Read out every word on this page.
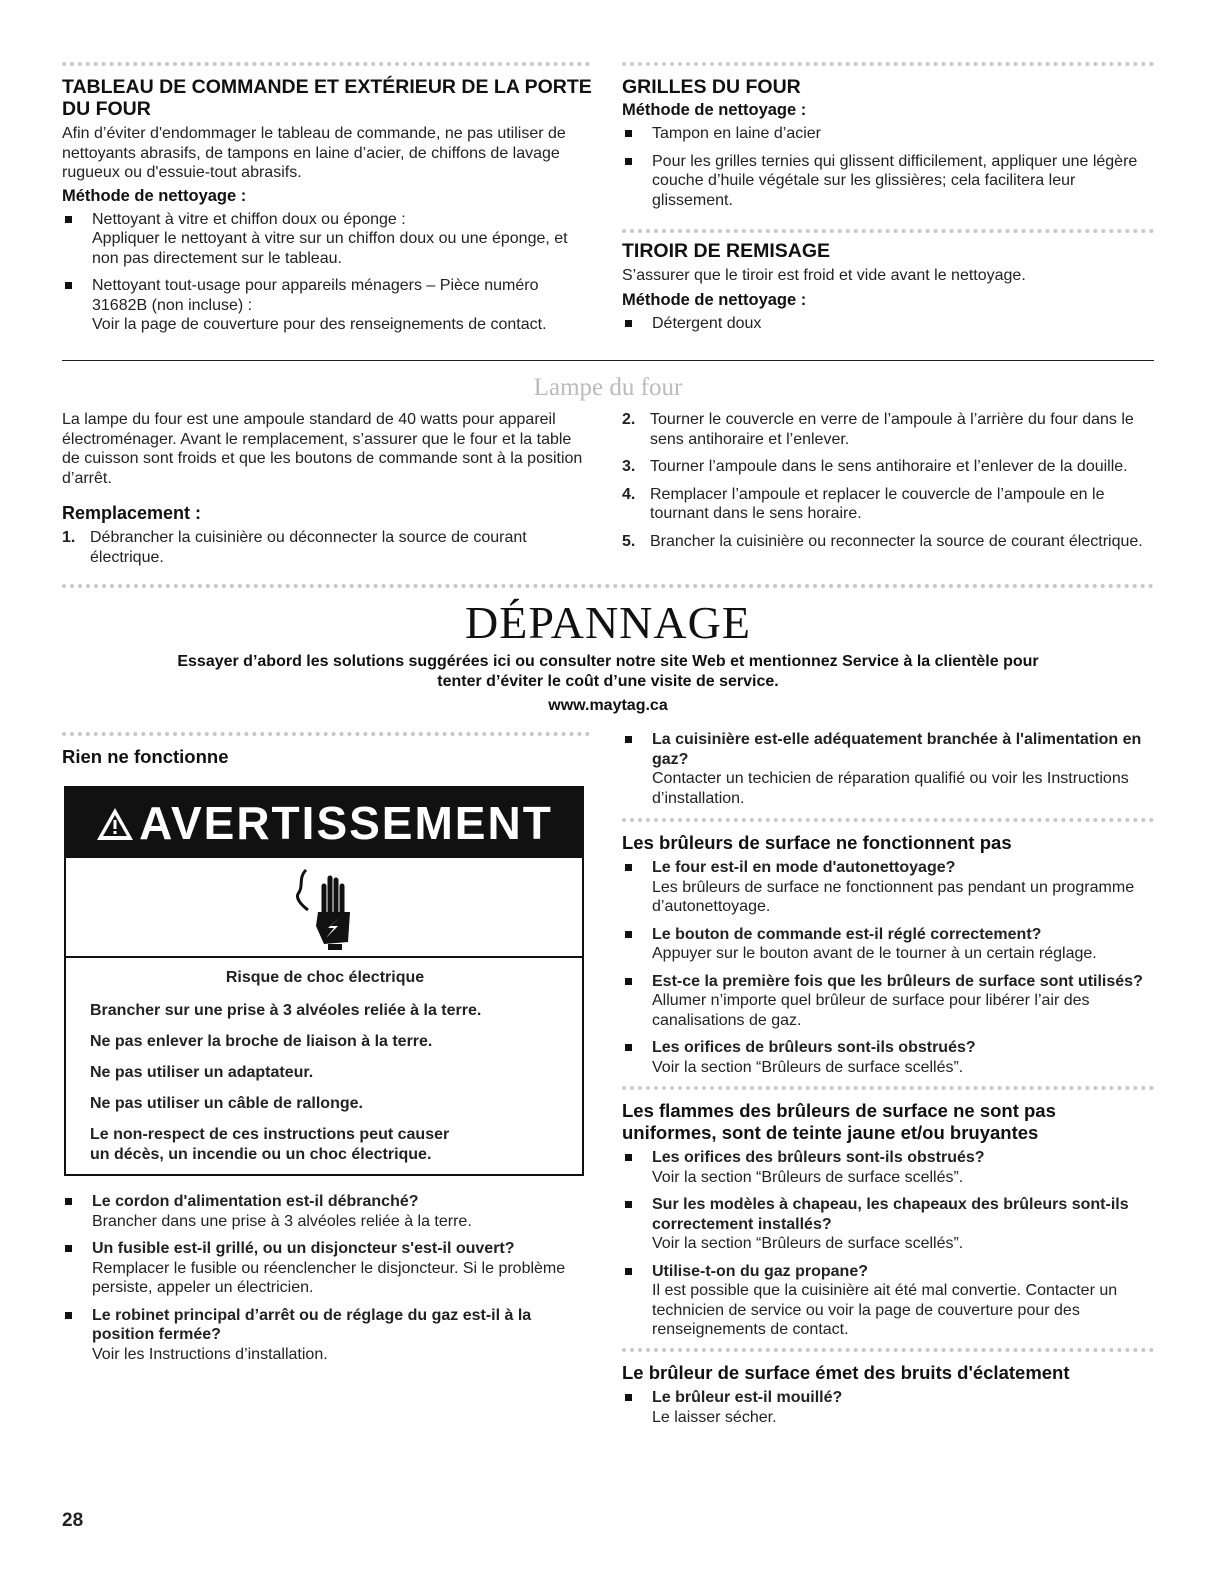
TABLEAU DE COMMANDE ET EXTÉRIEUR DE LA PORTE
DU FOUR

Afin d’éviter d'endommager le tableau de commande, ne pas utiliser de nettoyants abrasifs, de tampons en laine d’acier, de chiffons de lavage rugueux ou d'essuie-tout abrasifs.

Méthode de nettoyage :
Nettoyant à vitre et chiffon doux ou éponge :
Appliquer le nettoyant à vitre sur un chiffon doux ou une éponge, et non pas directement sur le tableau.
Nettoyant tout-usage pour appareils ménagers – Pièce numéro 31682B (non incluse) :
Voir la page de couverture pour des renseignements de contact.
GRILLES DU FOUR
Méthode de nettoyage :
Tampon en laine d’acier
Pour les grilles ternies qui glissent difficilement, appliquer une légère couche d’huile végétale sur les glissières; cela facilitera leur glissement.
TIROIR DE REMISAGE

S’assurer que le tiroir est froid et vide avant le nettoyage.

Méthode de nettoyage :
Détergent doux
Lampe du four

La lampe du four est une ampoule standard de 40 watts pour appareil électroménager. Avant le remplacement, s’assurer que le four et la table de cuisson sont froids et que les boutons de commande sont à la position d’arrêt.

Remplacement :
1. Débrancher la cuisinière ou déconnecter la source de courant électrique.
2. Tourner le couvercle en verre de l’ampoule à l’arrière du four dans le sens antihoraire et l’enlever.
3. Tourner l’ampoule dans le sens antihoraire et l’enlever de la douille.
4. Remplacer l’ampoule et replacer le couvercle de l’ampoule en le tournant dans le sens horaire.
5. Brancher la cuisinière ou reconnecter la source de courant électrique.
DÉPANNAGE
Essayer d’abord les solutions suggérées ici ou consulter notre site Web et mentionnez Service à la clientèle pour
tenter d’éviter le coût d’une visite de service.
www.maytag.ca
Rien ne fonctionne
AVERTISSEMENT
Risque de choc électrique
Brancher sur une prise à 3 alvéoles reliée à la terre.
Ne pas enlever la broche de liaison à la terre.
Ne pas utiliser un adaptateur.
Ne pas utiliser un câble de rallonge.
Le non-respect de ces instructions peut causer
un décès, un incendie ou un choc électrique.
Le cordon d'alimentation est-il débranché?
Brancher dans une prise à 3 alvéoles reliée à la terre.
Un fusible est-il grillé, ou un disjoncteur s'est-il ouvert?
Remplacer le fusible ou réenclencher le disjoncteur. Si le problème persiste, appeler un électricien.
Le robinet principal d’arrêt ou de réglage du gaz est-il à la position fermée?
Voir les Instructions d’installation.
La cuisinière est-elle adéquatement branchée à l'alimentation en gaz?
Contacter un techicien de réparation qualifié ou voir les Instructions d’installation.
Les brûleurs de surface ne fonctionnent pas
Le four est-il en mode d'autonettoyage?
Les brûleurs de surface ne fonctionnent pas pendant un programme d’autonettoyage.
Le bouton de commande est-il réglé correctement?
Appuyer sur le bouton avant de le tourner à un certain réglage.
Est-ce la première fois que les brûleurs de surface sont utilisés? Allumer n’importe quel brûleur de surface pour libérer l’air des canalisations de gaz.
Les orifices de brûleurs sont-ils obstrués?
Voir la section “Brûleurs de surface scellés”.
Les flammes des brûleurs de surface ne sont pas
uniformes, sont de teinte jaune et/ou bruyantes
Les orifices des brûleurs sont-ils obstrués?
Voir la section “Brûleurs de surface scellés”.
Sur les modèles à chapeau, les chapeaux des brûleurs sont-ils correctement installés?
Voir la section “Brûleurs de surface scellés”.
Utilise-t-on du gaz propane?
Il est possible que la cuisinière ait été mal convertie. Contacter un technicien de service ou voir la page de couverture pour des renseignements de contact.
Le brûleur de surface émet des bruits d'éclatement
Le brûleur est-il mouillé?
Le laisser sécher.
28
